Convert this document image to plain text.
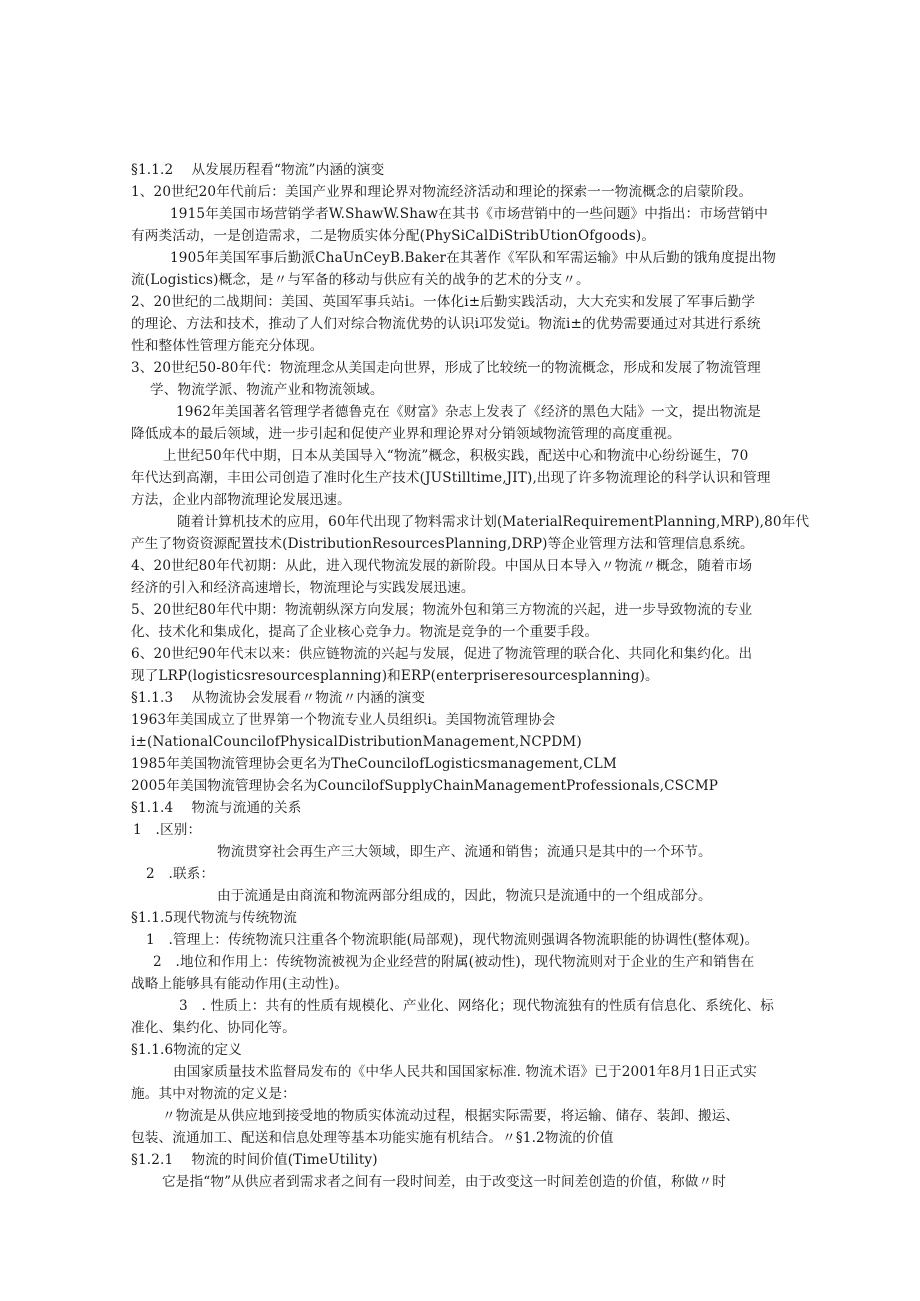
§1.1.2　 从发展历程看“物流”内涵的演变
1、20世纪20年代前后：美国产业界和理论界对物流经济活动和理论的探索一一物流概念的启蒙阶段。
1915年美国市场营销学者W.ShawW.Shaw在其书《市场营销中的一些问题》中指出：市场营销中
有两类活动，一是创造需求，二是物质实体分配(PhySiCalDiStribUtionOfgoods)。
1905年美国军事后勤派ChaUnCeyB.Baker在其著作《军队和军需运输》中从后勤的饿角度提出物
流(Logistics)概念，是〃与军备的移动与供应有关的战争的艺术的分支〃。
2、20世纪的二战期间：美国、英国军事兵站i。一体化i±后勤实践活动，大大充实和发展了军事后勤学
的理论、方法和技术，推动了人们对综合物流优势的认识i邛发觉i。物流i±的优势需要通过对其进行系统
性和整体性管理方能充分体现。
3、20世纪50-80年代：物流理念从美国走向世界，形成了比较统一的物流概念，形成和发展了物流管理
学、物流学派、物流产业和物流领域。
1962年美国著名管理学者德鲁克在《财富》杂志上发表了《经济的黑色大陆》一文，提出物流是
降低成本的最后领域，进一步引起和促使产业界和理论界对分销领域物流管理的高度重视。
上世纪50年代中期，日本从美国导入“物流”概念，积极实践，配送中心和物流中心纷纷诞生，70
年代达到高潮，丰田公司创造了准时化生产技术(JUStilltime,JIT),出现了许多物流理论的科学认识和管理
方法，企业内部物流理论发展迅速。
随着计算机技术的应用，60年代出现了物料需求计划(MaterialRequirementPlanning,MRP),80年代
产生了物资资源配置技术(DistributionResourcesPlanning,DRP)等企业管理方法和管理信息系统。
4、20世纪80年代初期：从此，进入现代物流发展的新阶段。中国从日本导入〃物流〃概念，随着市场
经济的引入和经济高速增长，物流理论与实践发展迅速。
5、20世纪80年代中期：物流朝纵深方向发展；物流外包和第三方物流的兴起，进一步导致物流的专业
化、技术化和集成化，提高了企业核心竞争力。物流是竞争的一个重要手段。
6、20世纪90年代末以来：供应链物流的兴起与发展，促进了物流管理的联合化、共同化和集约化。出
现了LRP(logisticsresourcesplanning)和ERP(enterpriseresourcesplanning)。
§1.1.3　 从物流协会发展看〃物流〃内涵的演变
1963年美国成立了世界第一个物流专业人员组织i。美国物流管理协会
i±(NationalCouncilofPhysicalDistributionManagement,NCPDM)
1985年美国物流管理协会更名为TheCouncilofLogisticsmanagement,CLM
2005年美国物流管理协会名为CouncilofSupplyChainManagementProfessionals,CSCMP
§1.1.4　 物流与流通的关系
1　.区别：
物流贯穿社会再生产三大领域，即生产、流通和销售；流通只是其中的一个环节。
2　.联系：
由于流通是由商流和物流两部分组成的，因此，物流只是流通中的一个组成部分。
§1.1.5现代物流与传统物流
1　.管理上：传统物流只注重各个物流职能(局部观)，现代物流则强调各物流职能的协调性(整体观)。
2　.地位和作用上：传统物流被视为企业经营的附属(被动性)，现代物流则对于企业的生产和销售在
战略上能够具有能动作用(主动性)。
3　. 性质上：共有的性质有规模化、产业化、网络化；现代物流独有的性质有信息化、系统化、标
准化、集约化、协同化等。
§1.1.6物流的定义
由国家质量技术监督局发布的《中华人民共和国国家标准. 物流术语》已于2001年8月1日正式实
施。其中对物流的定义是：
〃物流是从供应地到接受地的物质实体流动过程，根据实际需要，将运输、储存、装卸、搬运、
包装、流通加工、配送和信息处理等基本功能实施有机结合。〃§1.2物流的价值
§1.2.1　 物流的时间价值(TimeUtility)
它是指“物”从供应者到需求者之间有一段时间差，由于改变这一时间差创造的价值，称做〃时
